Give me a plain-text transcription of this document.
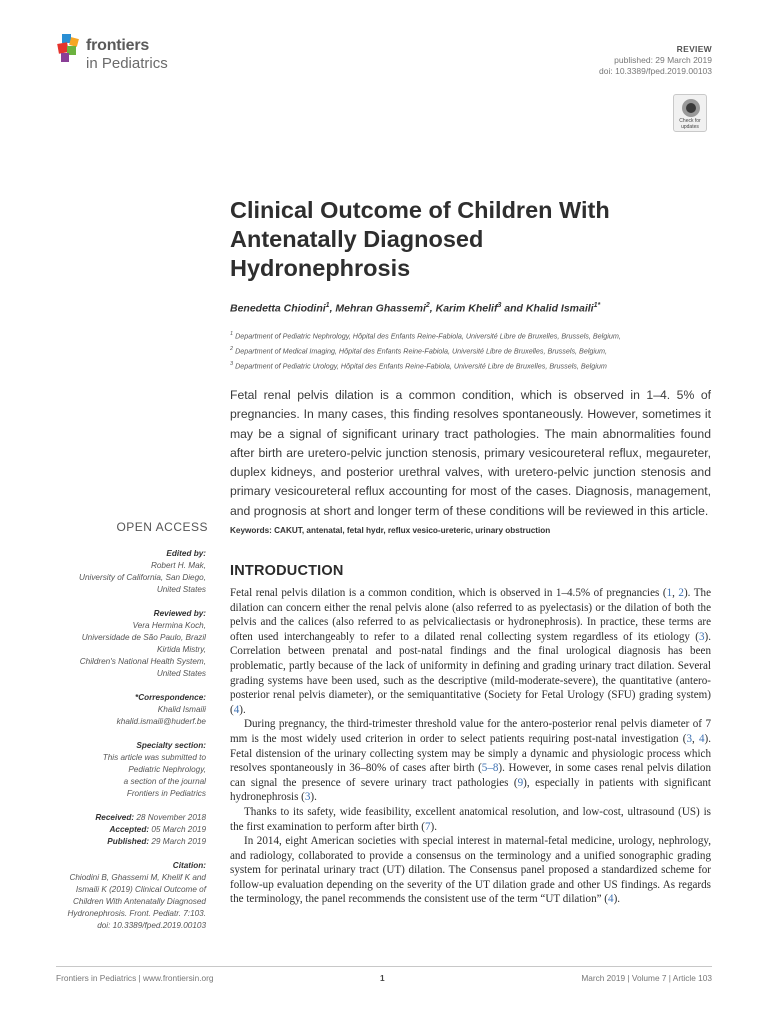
frontiers
in Pediatrics
REVIEW
published: 29 March 2019
doi: 10.3389/fped.2019.00103
Check for updates
Clinical Outcome of Children With
Antenatally Diagnosed
Hydronephrosis
Benedetta Chiodini$^1$, Mehran Ghassemi$^2$, Karim Khelif$^3$ and Khalid Ismaili$^{1*}$
$^1$ Department of Pediatric Nephrology, Hôpital des Enfants Reine-Fabiola, Université Libre de Bruxelles, Brussels, Belgium,
$^2$ Department of Medical Imaging, Hôpital des Enfants Reine-Fabiola, Université Libre de Bruxelles, Brussels, Belgium,
$^3$ Department of Pediatric Urology, Hôpital des Enfants Reine-Fabiola, Université Libre de Bruxelles, Brussels, Belgium
Fetal renal pelvis dilation is a common condition, which is observed in 1–4. 5% of pregnancies. In many cases, this finding resolves spontaneously. However, sometimes it may be a signal of significant urinary tract pathologies. The main abnormalities found after birth are uretero-pelvic junction stenosis, primary vesicoureteral reflux, megaureter, duplex kidneys, and posterior urethral valves, with uretero-pelvic junction stenosis and primary vesicoureteral reflux accounting for most of the cases. Diagnosis, management, and prognosis at short and longer term of these conditions will be reviewed in this article.
Keywords: CAKUT, antenatal, fetal hydr, reflux vesico-ureteric, urinary obstruction
OPEN ACCESS
Edited by:
Robert H. Mak,
University of California, San Diego,
United States
Reviewed by:
Vera Hermina Koch,
Universidade de São Paulo, Brazil
Kirtida Mistry,
Children's National Health System,
United States
*Correspondence:
Khalid Ismaili
khalid.ismaili@huderf.be
Specialty section:
This article was submitted to
Pediatric Nephrology,
a section of the journal
Frontiers in Pediatrics
Received: 28 November 2018
Accepted: 05 March 2019
Published: 29 March 2019
Citation:
Chiodini B, Ghassemi M, Khelif K and
Ismaili K (2019) Clinical Outcome of
Children With Antenatally Diagnosed
Hydronephrosis. Front. Pediatr. 7:103.
doi: 10.3389/fped.2019.00103
INTRODUCTION

Fetal renal pelvis dilation is a common condition, which is observed in 1–4.5% of pregnancies (1, 2). The dilation can concern either the renal pelvis alone (also referred to as pyelectasis) or the dilation of both the pelvis and the calices (also referred to as pelvicaliectasis or hydronephrosis). In practice, these terms are often used interchangeably to refer to a dilated renal collecting system regardless of its etiology (3). Correlation between prenatal and post-natal findings and the final urological diagnosis has been problematic, partly because of the lack of uniformity in defining and grading urinary tract dilation. Several grading systems have been used, such as the descriptive (mild-moderate-severe), the quantitative (antero-posterior renal pelvis diameter), or the semiquantitative (Society for Fetal Urology (SFU) grading system) (4).

During pregnancy, the third-trimester threshold value for the antero-posterior renal pelvis diameter of 7 mm is the most widely used criterion in order to select patients requiring post-natal investigation (3, 4). Fetal distension of the urinary collecting system may be simply a dynamic and physiologic process which resolves spontaneously in 36–80% of cases after birth (5–8). However, in some cases renal pelvis dilation can signal the presence of severe urinary tract pathologies (9), especially in patients with significant hydronephrosis (3).

Thanks to its safety, wide feasibility, excellent anatomical resolution, and low-cost, ultrasound (US) is the first examination to perform after birth (7).

In 2014, eight American societies with special interest in maternal-fetal medicine, urology, nephrology, and radiology, collaborated to provide a consensus on the terminology and a unified sonographic grading system for perinatal urinary tract (UT) dilation. The Consensus panel proposed a standardized scheme for follow-up evaluation depending on the severity of the UT dilation grade and other US findings. As regards the terminology, the panel recommends the consistent use of the term “UT dilation” (4).

Frontiers in Pediatrics | www.frontiersin.org	1	March 2019 | Volume 7 | Article 103
